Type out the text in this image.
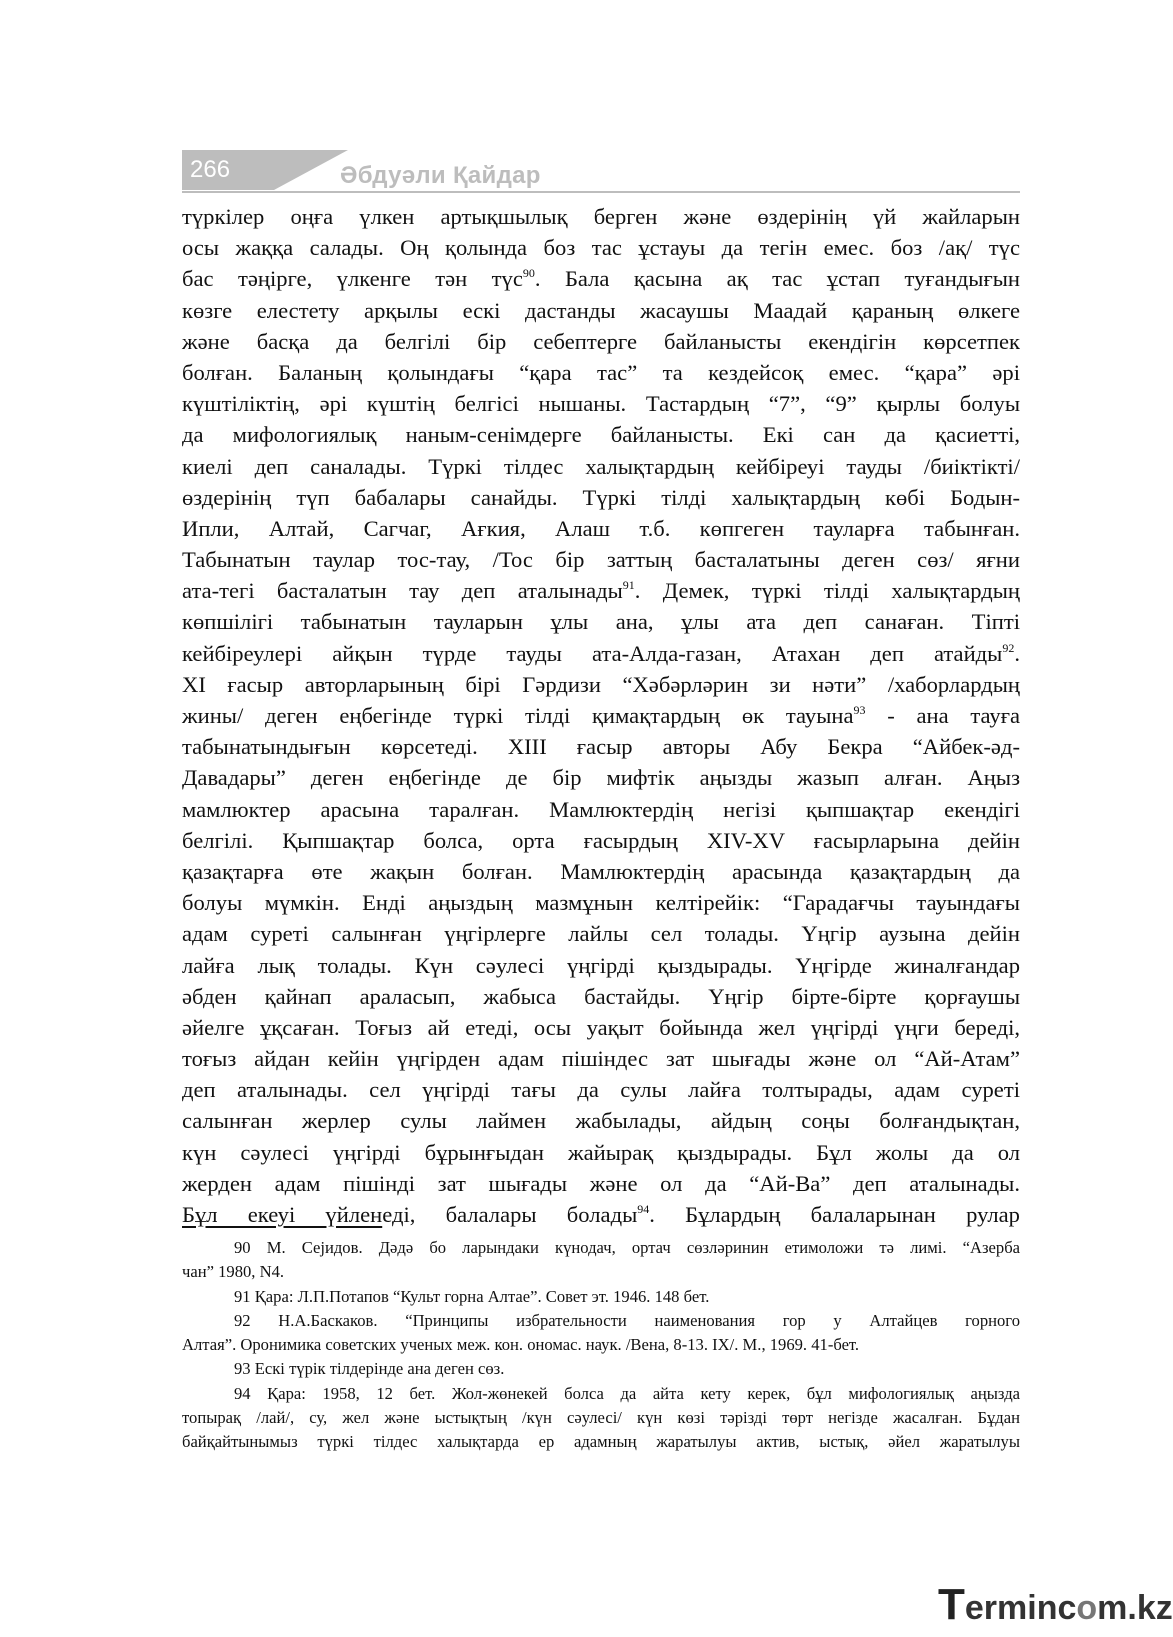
266	Әбдуәли Қайдар
түркілер оңға үлкен артықшылық берген және өздерінің үй жайларын
осы жаққа салады. Оң қолында боз тас ұстауы да тегін емес. боз /ақ/ түс
бас тәңірге, үлкенге тән түс$^{90}$. Бала қасына ақ тас ұстап туғандығын
көзге елестету арқылы ескі дастанды жасаушы Маадай қараның өлкеге
және басқа да белгілі бір себептерге байланысты екендігін көрсетпек
болған. Баланың қолындағы “қара тас” та кездейсоқ емес. “қара” әрі
күштіліктің, әрі күштің белгісі нышаны. Тастардың “7”, “9” қырлы болуы
да мифологиялық наным-сенімдерге байланысты. Екі сан да қасиетті,
киелі деп саналады. Түркі тілдес халықтардың кейбіреуі тауды /биіктікті/
өздерінің түп бабалары санайды. Түркі тілді халықтардың көбі Бодын-
Ипли, Алтай, Сагчаг, Ағкия, Алаш т.б. көпгеген тауларға табынған.
Табынатын таулар тос-тау, /Тос бір заттың басталатыны деген сөз/ яғни
ата-тегі басталатын тау деп аталынады$^{91}$. Демек, түркі тілді халықтардың
көпшілігі табынатын тауларын ұлы ана, ұлы ата деп санаған. Тіпті
кейбіреулері айқын түрде тауды ата-Алда-газан, Атахан деп атайды$^{92}$.
XI ғасыр авторларының бірі Гәрдизи “Хәбәрләрин зи нәти” /хаборлардың
жины/ деген еңбегінде түркі тілді қимақтардың өк тауына$^{93}$ - ана тауға
табынатындығын көрсетеді. XIII ғасыр авторы Абу Бекра “Айбек-әд-
Давадары” деген еңбегінде де бір мифтік аңызды жазып алған. Аңыз
мамлюктер арасына таралған. Мамлюктердің негізі қыпшақтар екендігі
белгілі. Қыпшақтар болса, орта ғасырдың XIV-XV ғасырларына дейін
қазақтарға өте жақын болған. Мамлюктердің арасында қазақтардың да
болуы мүмкін. Енді аңыздың мазмұнын келтірейік: “Гарадағчы тауындағы
адам суреті салынған үңгірлерге лайлы сел толады. Үңгір аузына дейін
лайға лық толады. Күн сәулесі үңгірді қыздырады. Үңгірде жиналғандар
әбден қайнап араласып, жабыса бастайды. Үңгір бірте-бірте қорғаушы
әйелге ұқсаған. Тоғыз ай етеді, осы уақыт бойында жел үңгірді үңги береді,
тоғыз айдан кейін үңгірден адам пішіндес зат шығады және ол “Ай-Атам”
деп аталынады. сел үңгірді тағы да сулы лайға толтырады, адам суреті
салынған жерлер сулы лаймен жабылады, айдың соңы болғандықтан,
күн сәулесі үңгірді бұрынғыдан жайырақ қыздырады. Бұл жолы да ол
жерден адам пішінді зат шығады және ол да “Ай-Ва” деп аталынады.
Бұл екеуі үйленеді, балалары болады$^{94}$. Бұлардың балаларынан рулар
90 М. Сеjидов. Дәдә бо ларындаки күнодач, ортач сөзләринин етимоложи тә лимі. “Азерба
чан” 1980, N4.
91 Қара: Л.П.Потапов “Культ горна Алтае”. Совет эт. 1946. 148 бет.
92 Н.А.Баскаков. “Принципы избрательности наименования гор у Алтайцев горного
Алтая”. Оронимика советских ученых меж. кон. ономас. наук. /Вена, 8-13. IX/. М., 1969. 41-бет.
93 Ескі түрік тілдерінде ана деген сөз.
94 Қара: 1958, 12 бет. Жол-жөнекей болса да айта кету керек, бұл мифологиялық аңызда
топырақ /лай/, су, жел және ыстықтың /күн сәулесі/ күн көзі тәрізді төрт негізде жасалған. Бұдан
байқайтынымыз түркі тілдес халықтарда ер адамның жаратылуы актив, ыстық, әйел жаратылуы
Termincom.kz
